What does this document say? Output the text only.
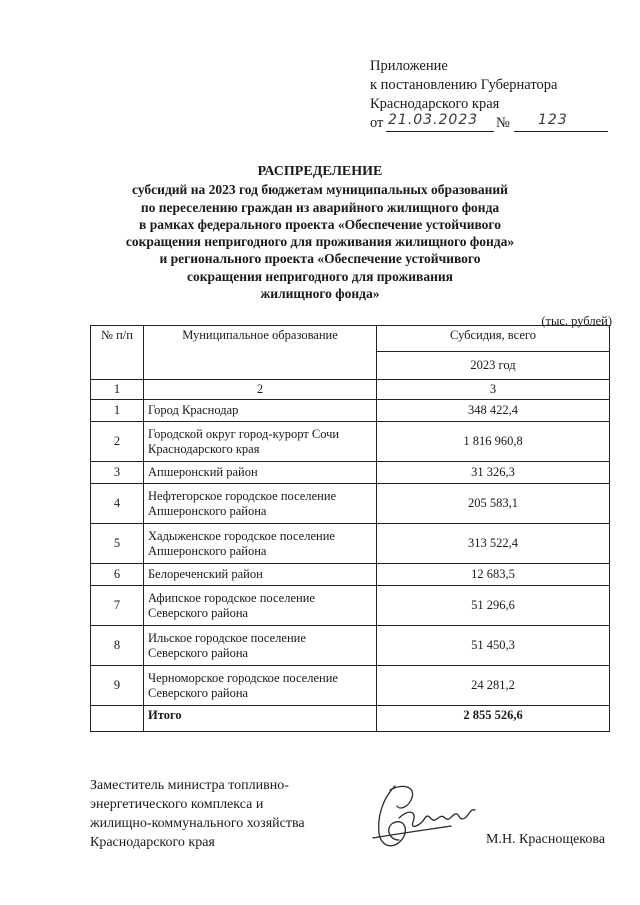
Приложение
к постановлению Губернатора
Краснодарского края
от 21.03.2023 № 123
РАСПРЕДЕЛЕНИЕ
субсидий на 2023 год бюджетам муниципальных образований
по переселению граждан из аварийного жилищного фонда
в рамках федерального проекта «Обеспечение устойчивого
сокращения непригодного для проживания жилищного фонда»
и регионального проекта «Обеспечение устойчивого
сокращения непригодного для проживания
жилищного фонда»
(тыс. рублей)
№ п/п	Муниципальное образование	Субсидия, всего
		2023 год
1	2	3
1	Город Краснодар	348 422,4
2	Городской округ город-курорт Сочи
Краснодарского края	1 816 960,8
3	Апшеронский район	31 326,3
4	Нефтегорское городское поселение
Апшеронского района	205 583,1
5	Хадыженское городское поселение
Апшеронского района	313 522,4
6	Белореченский район	12 683,5
7	Афипское городское поселение
Северского района	51 296,6
8	Ильское городское поселение
Северского района	51 450,3
9	Черноморское городское поселение
Северского района	24 281,2
	Итого	2 855 526,6
Заместитель министра топливно-
энергетического комплекса и
жилищно-коммунального хозяйства
Краснодарского края	М.Н. Краснощекова
